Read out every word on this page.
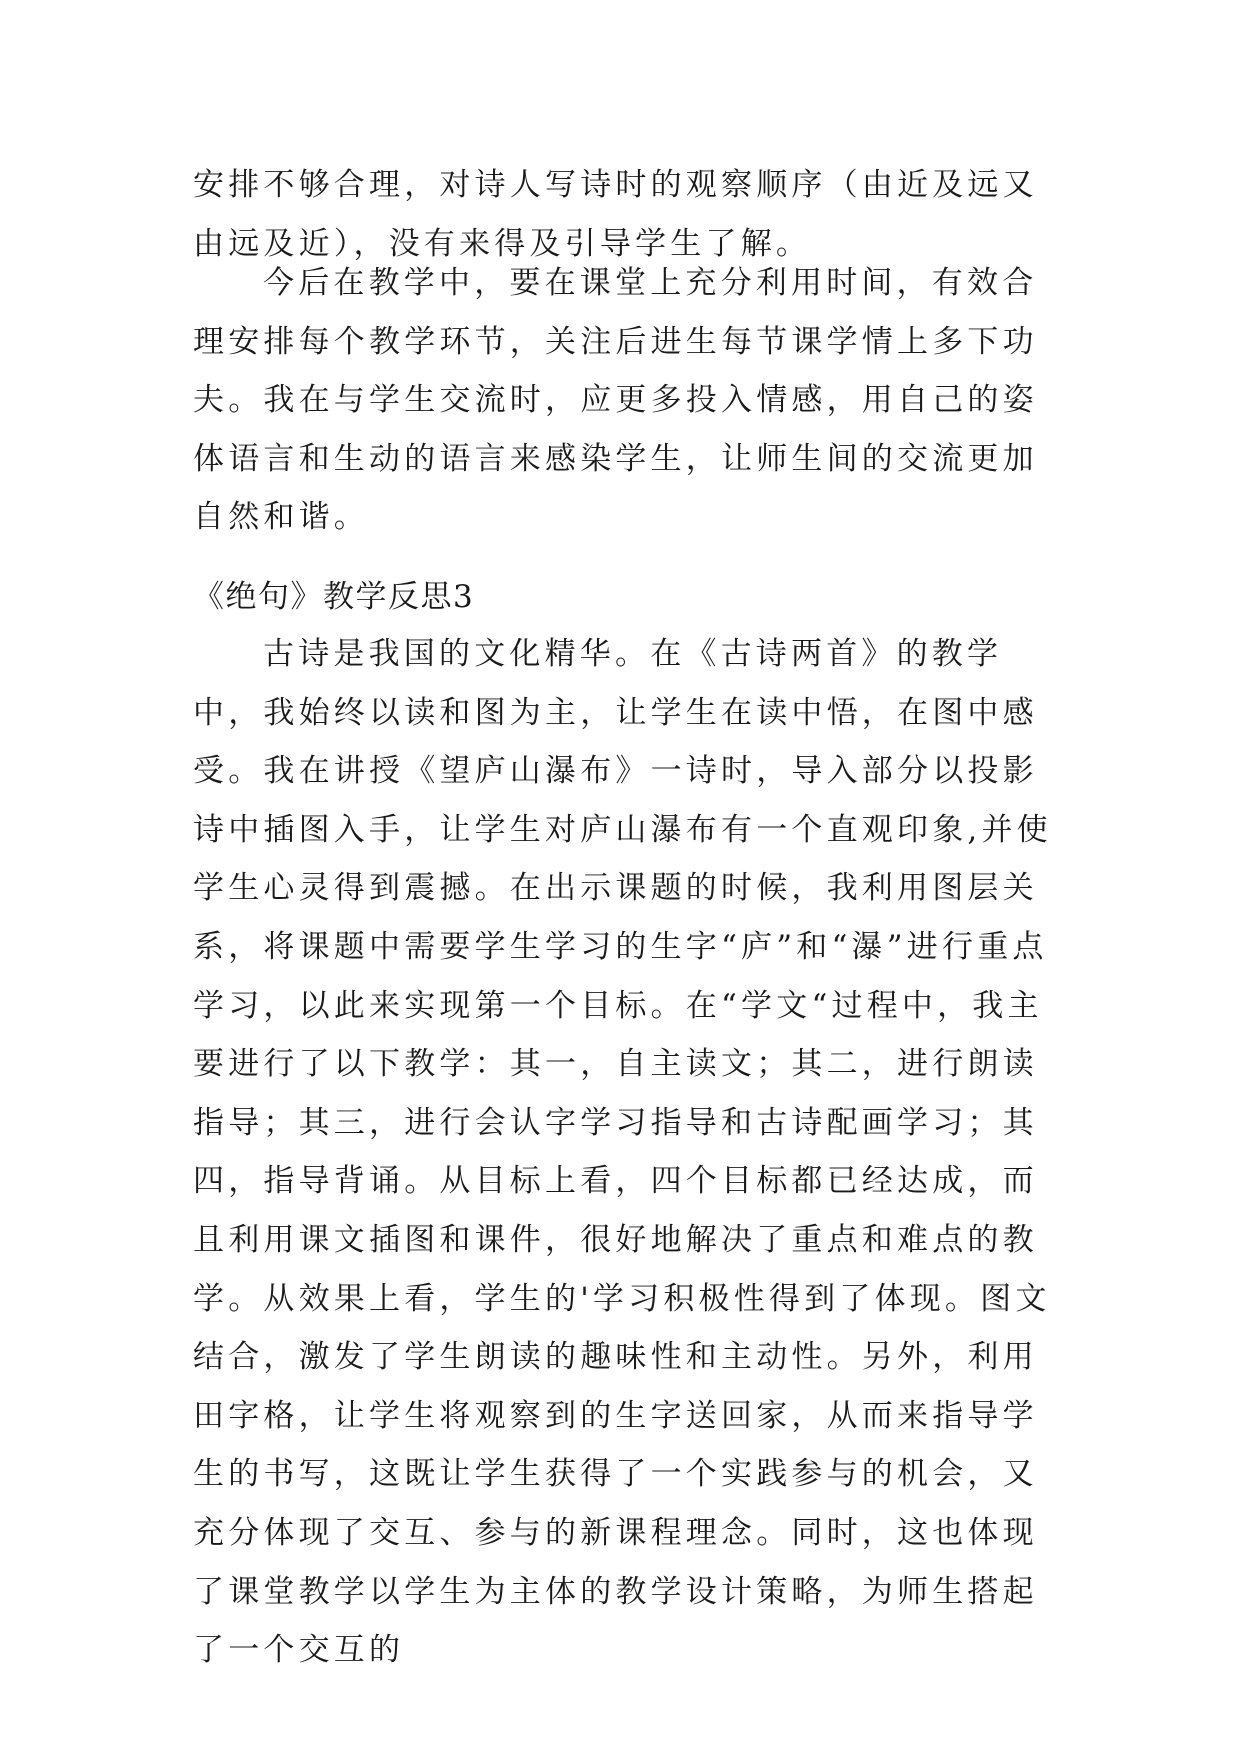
安排不够合理，对诗人写诗时的观察顺序（由近及远又由远及近），没有来得及引导学生了解。

今后在教学中，要在课堂上充分利用时间，有效合理安排每个教学环节，关注后进生每节课学情上多下功夫。我在与学生交流时，应更多投入情感，用自己的姿体语言和生动的语言来感染学生，让师生间的交流更加自然和谐。

《绝句》教学反思3

古诗是我国的文化精华。在《古诗两首》的教学中，我始终以读和图为主，让学生在读中悟，在图中感受。我在讲授《望庐山瀑布》一诗时，导入部分以投影诗中插图入手，让学生对庐山瀑布有一个直观印象,并使学生心灵得到震撼。在出示课题的时候，我利用图层关系，将课题中需要学生学习的生字“庐”和“瀑”进行重点学习，以此来实现第一个目标。在“学文“过程中，我主要进行了以下教学：其一，自主读文；其二，进行朗读指导；其三，进行会认字学习指导和古诗配画学习；其四，指导背诵。从目标上看，四个目标都已经达成，而且利用课文插图和课件，很好地解决了重点和难点的教学。从效果上看，学生的'学习积极性得到了体现。图文结合，激发了学生朗读的趣味性和主动性。另外，利用田字格，让学生将观察到的生字送回家，从而来指导学生的书写，这既让学生获得了一个实践参与的机会，又充分体现了交互、参与的新课程理念。同时，这也体现了课堂教学以学生为主体的教学设计策略，为师生搭起了一个交互的
